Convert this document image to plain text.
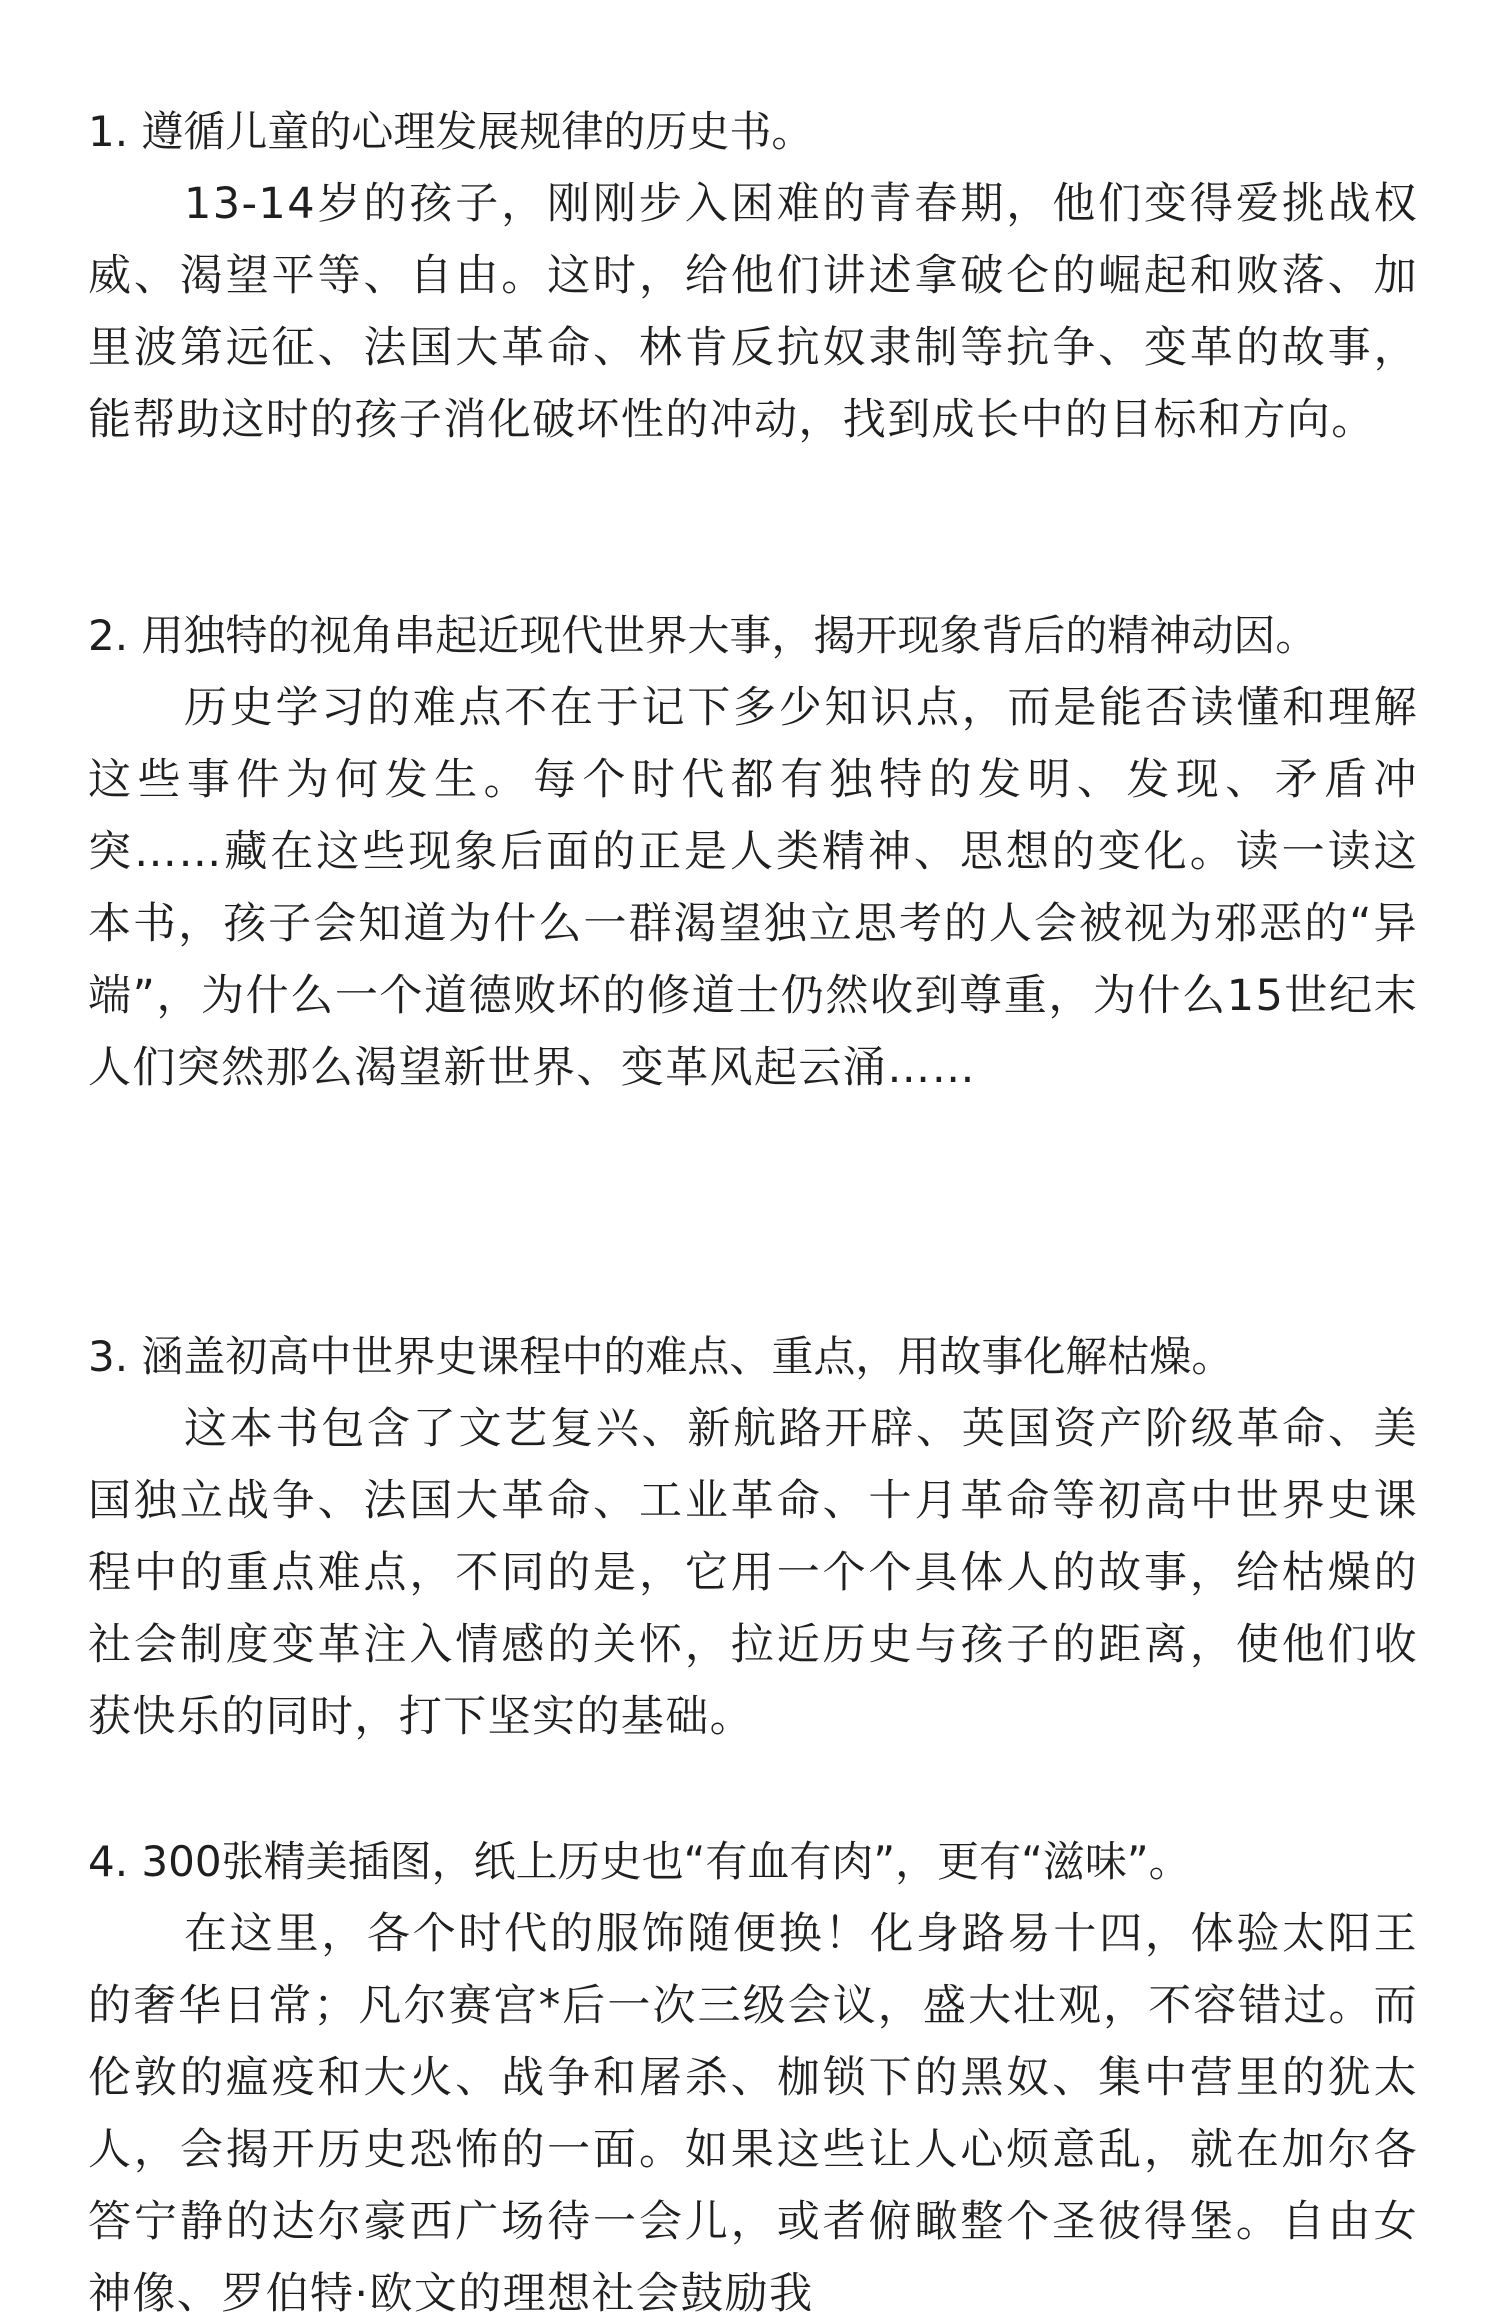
1. 遵循儿童的心理发展规律的历史书。

13-14岁的孩子，刚刚步入困难的青春期，他们变得爱挑战权威、渴望平等、自由。这时，给他们讲述拿破仑的崛起和败落、加里波第远征、法国大革命、林肯反抗奴隶制等抗争、变革的故事，能帮助这时的孩子消化破坏性的冲动，找到成长中的目标和方向。

2. 用独特的视角串起近现代世界大事，揭开现象背后的精神动因。

历史学习的难点不在于记下多少知识点，而是能否读懂和理解这些事件为何发生。每个时代都有独特的发明、发现、矛盾冲突……藏在这些现象后面的正是人类精神、思想的变化。读一读这本书，孩子会知道为什么一群渴望独立思考的人会被视为邪恶的“异端”，为什么一个道德败坏的修道士仍然收到尊重，为什么15世纪末人们突然那么渴望新世界、变革风起云涌……

3. 涵盖初高中世界史课程中的难点、重点，用故事化解枯燥。

这本书包含了文艺复兴、新航路开辟、英国资产阶级革命、美国独立战争、法国大革命、工业革命、十月革命等初高中世界史课程中的重点难点，不同的是，它用一个个具体人的故事，给枯燥的社会制度变革注入情感的关怀，拉近历史与孩子的距离，使他们收获快乐的同时，打下坚实的基础。

4. 300张精美插图，纸上历史也“有血有肉”，更有“滋味”。

在这里，各个时代的服饰随便换！化身路易十四，体验太阳王的奢华日常；凡尔赛宫*后一次三级会议，盛大壮观，不容错过。而伦敦的瘟疫和大火、战争和屠杀、枷锁下的黑奴、集中营里的犹太人，会揭开历史恐怖的一面。如果这些让人心烦意乱，就在加尔各答宁静的达尔豪西广场待一会儿，或者俯瞰整个圣彼得堡。自由女神像、罗伯特·欧文的理想社会鼓励我
